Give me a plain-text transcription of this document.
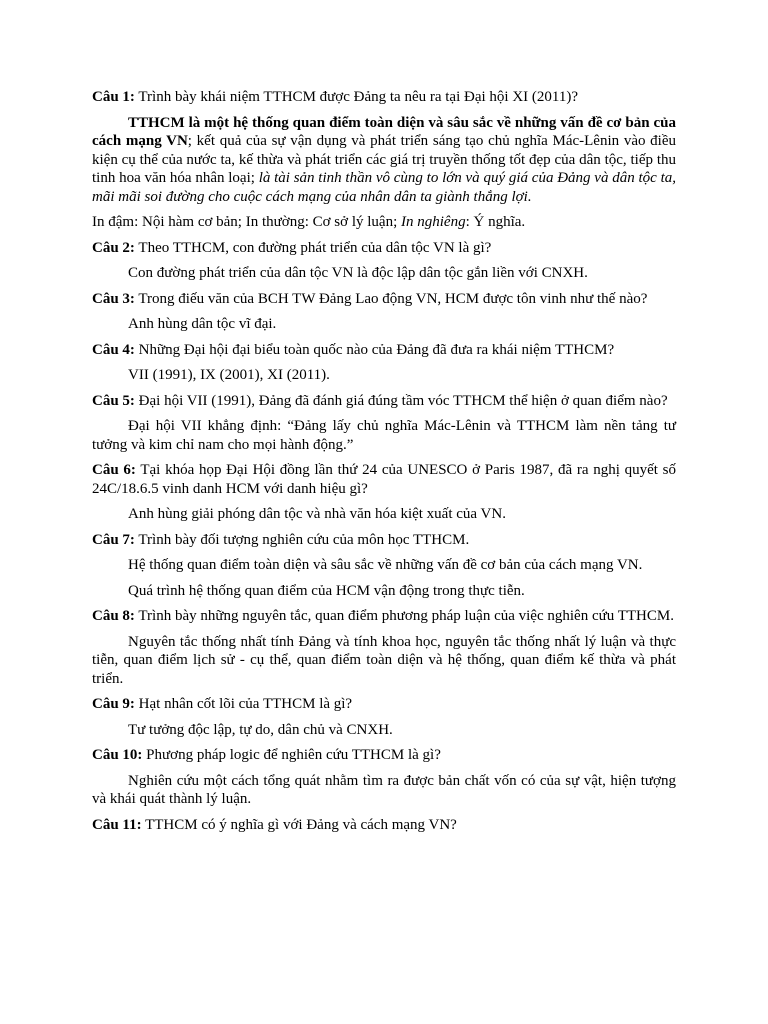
Câu 1: Trình bày khái niệm TTHCM được Đảng ta nêu ra tại Đại hội XI (2011)?

TTHCM là một hệ thống quan điểm toàn diện và sâu sắc về những vấn đề cơ bản của cách mạng VN; kết quả của sự vận dụng và phát triển sáng tạo chủ nghĩa Mác-Lênin vào điều kiện cụ thể của nước ta, kế thừa và phát triển các giá trị truyền thống tốt đẹp của dân tộc, tiếp thu tinh hoa văn hóa nhân loại; là tài sản tinh thần vô cùng to lớn và quý giá của Đảng và dân tộc ta, mãi mãi soi đường cho cuộc cách mạng của nhân dân ta giành thắng lợi.

In đậm: Nội hàm cơ bản; In thường: Cơ sở lý luận; In nghiêng: Ý nghĩa.

Câu 2: Theo TTHCM, con đường phát triển của dân tộc VN là gì?

Con đường phát triển của dân tộc VN là độc lập dân tộc gắn liền với CNXH.

Câu 3: Trong điếu văn của BCH TW Đảng Lao động VN, HCM được tôn vinh như thế nào?

Anh hùng dân tộc vĩ đại.

Câu 4: Những Đại hội đại biểu toàn quốc nào của Đảng đã đưa ra khái niệm TTHCM?

VII (1991), IX (2001), XI (2011).

Câu 5: Đại hội VII (1991), Đảng đã đánh giá đúng tầm vóc TTHCM thể hiện ở quan điểm nào?

Đại hội VII khẳng định: “Đảng lấy chủ nghĩa Mác-Lênin và TTHCM làm nền tảng tư tưởng và kim chỉ nam cho mọi hành động.”

Câu 6: Tại khóa họp Đại Hội đồng lần thứ 24 của UNESCO ở Paris 1987, đã ra nghị quyết số 24C/18.6.5 vinh danh HCM với danh hiệu gì?

Anh hùng giải phóng dân tộc và nhà văn hóa kiệt xuất của VN.

Câu 7: Trình bày đối tượng nghiên cứu của môn học TTHCM.

Hệ thống quan điểm toàn diện và sâu sắc về những vấn đề cơ bản của cách mạng VN.

Quá trình hệ thống quan điểm của HCM vận động trong thực tiễn.

Câu 8: Trình bày những nguyên tắc, quan điểm phương pháp luận của việc nghiên cứu TTHCM.

Nguyên tắc thống nhất tính Đảng và tính khoa học, nguyên tắc thống nhất lý luận và thực tiễn, quan điểm lịch sử - cụ thể, quan điểm toàn diện và hệ thống, quan điểm kế thừa và phát triển.

Câu 9: Hạt nhân cốt lõi của TTHCM là gì?

Tư tưởng độc lập, tự do, dân chủ và CNXH.

Câu 10: Phương pháp logic để nghiên cứu TTHCM là gì?

Nghiên cứu một cách tổng quát nhằm tìm ra được bản chất vốn có của sự vật, hiện tượng và khái quát thành lý luận.

Câu 11: TTHCM có ý nghĩa gì với Đảng và cách mạng VN?
